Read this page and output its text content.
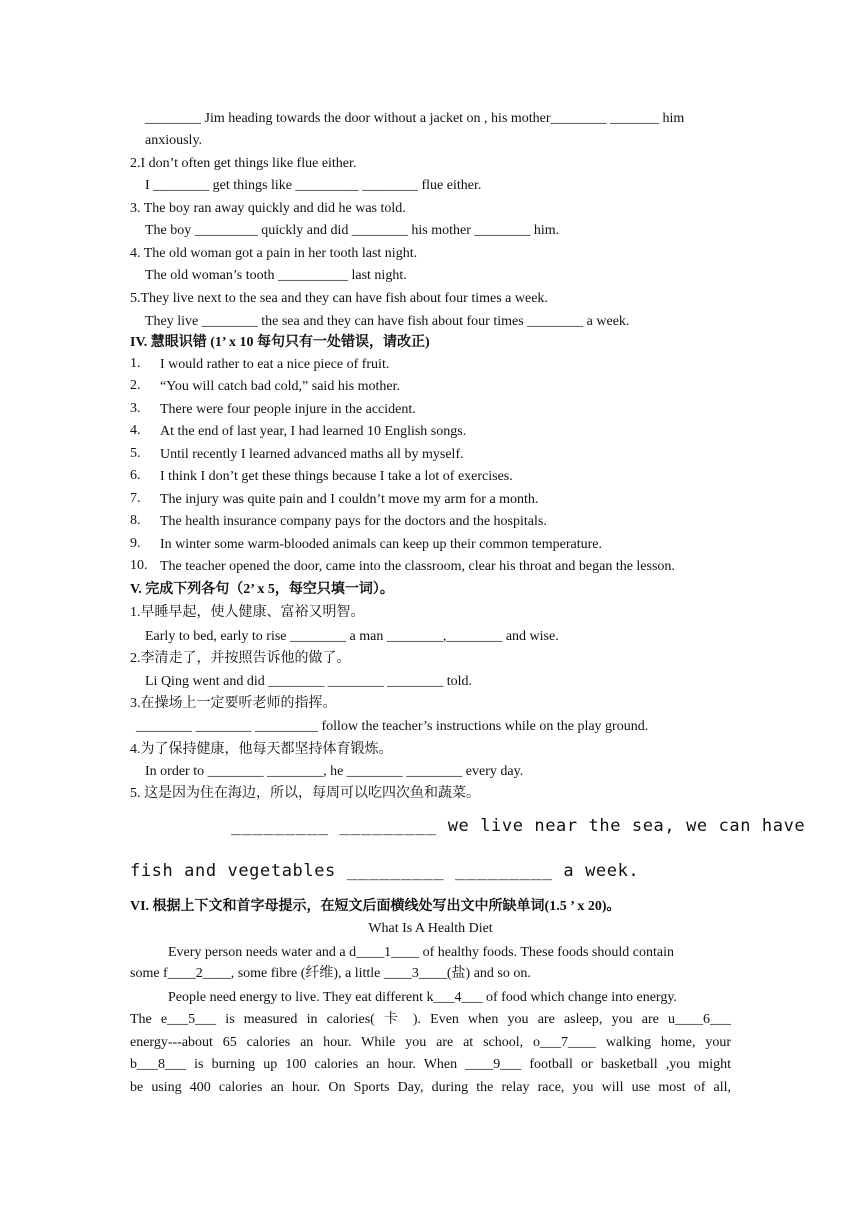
________ Jim heading towards the door without a jacket on , his mother________ _______ him
anxiously.
2.I don’t often get things like flue either.
I ________ get things like _________ ________ flue either.
3. The boy ran away quickly and did he was told.
The boy _________ quickly and did ________ his mother ________ him.
4. The old woman got a pain in her tooth last night.
The old woman’s tooth __________ last night.
5.They live next to the sea and they can have fish about four times a week.
They live ________ the sea and they can have fish about four times ________ a week.
IV. 慧眼识错 (1’ x 10 每句只有一处错误，请改正)
1. I would rather to eat a nice piece of fruit.
2. “You will catch bad cold,” said his mother.
3. There were four people injure in the accident.
4. At the end of last year, I had learned 10 English songs.
5. Until recently I learned advanced maths all by myself.
6. I think I don’t get these things because I take a lot of exercises.
7. The injury was quite pain and I couldn’t move my arm for a month.
8. The health insurance company pays for the doctors and the hospitals.
9. In winter some warm-blooded animals can keep up their common temperature.
10. The teacher opened the door, came into the classroom, clear his throat and began the lesson.
V. 完成下列各句（2’ x 5，每空只填一词）。
1.早睡早起，使人健康、富裕又明智。
Early to bed, early to rise ________ a man ________,________ and wise.
2.李清走了，并按照告诉他的做了。
Li Qing went and did ________ ________ ________ told.
3.在操场上一定要听老师的指挥。
________ ________ _________ follow the teacher’s instructions while on the play ground.
4.为了保持健康，他每天都坚持体育锻炼。
In order to ________ ________, he ________ ________ every day.
5. 这是因为住在海边，所以，每周可以吃四次鱼和蔬菜。
_________ _________ we live near the sea, we can have
fish and vegetables _________ _________ a week.
VI. 根据上下文和首字母提示，在短文后面横线处写出文中所缺单词(1.5 ’ x 20)。
What Is A Health Diet
Every person needs water and a d____1____ of healthy foods. These foods should contain
some f____2____, some fibre (纤维), a little ____3____(盐) and so on.
People need energy to live. They eat different k___4___ of food which change into energy.
The e___5___ is measured in calories( 卡 ). Even when you are asleep, you are u____6___
energy---about 65 calories an hour. While you are at school, o___7____ walking home, your
b___8___ is burning up 100 calories an hour. When ____9___ football or basketball ,you might
be using 400 calories an hour. On Sports Day, during the relay race, you will use most of all,
